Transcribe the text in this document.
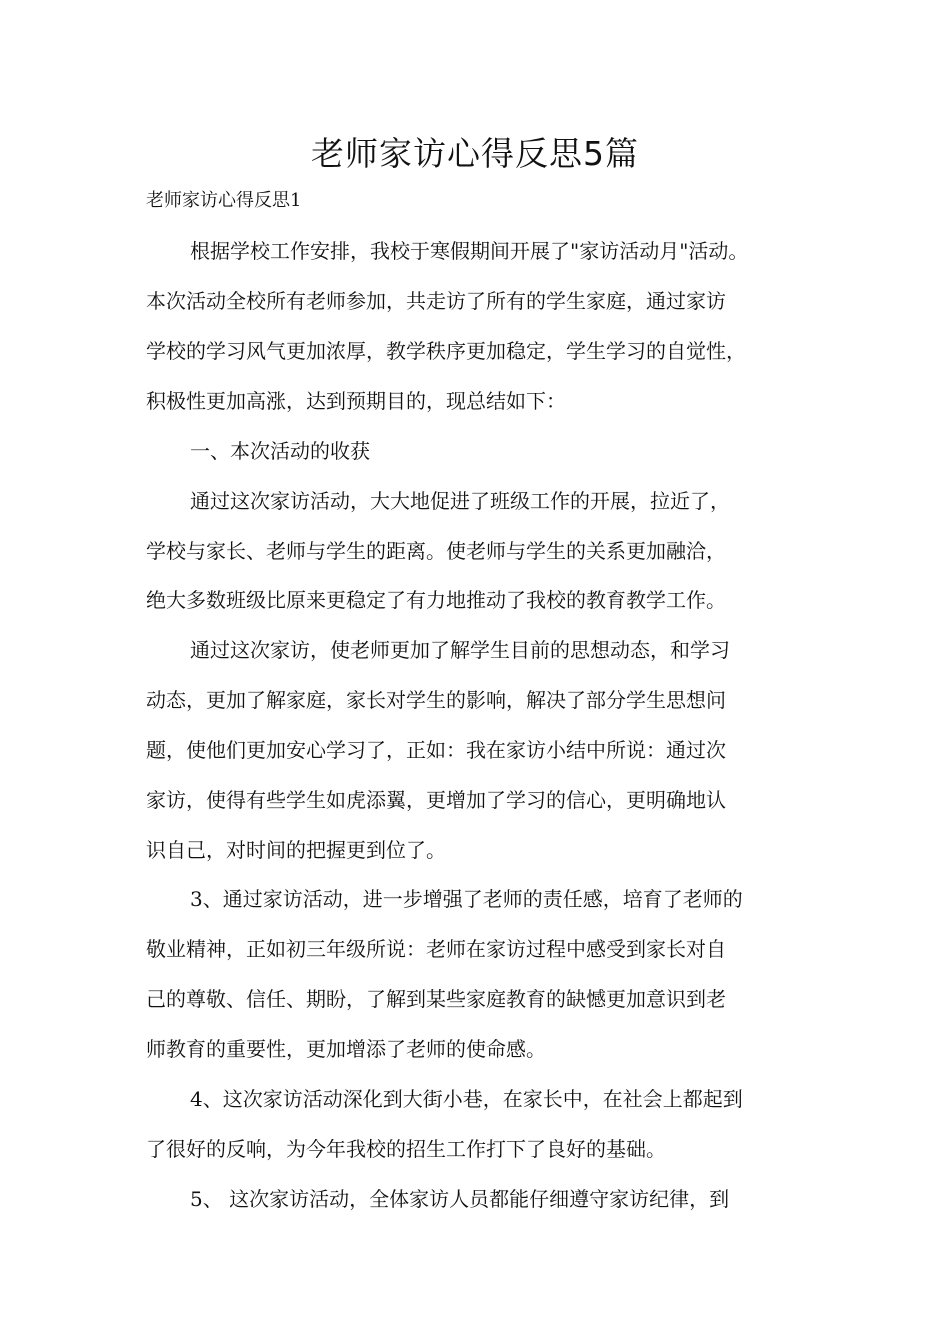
老师家访心得反思5篇
老师家访心得反思1
根据学校工作安排，我校于寒假期间开展了"家访活动月"活动。
本次活动全校所有老师参加，共走访了所有的学生家庭，通过家访
学校的学习风气更加浓厚，教学秩序更加稳定，学生学习的自觉性，
积极性更加高涨，达到预期目的，现总结如下：
一、本次活动的收获
通过这次家访活动，大大地促进了班级工作的开展，拉近了，
学校与家长、老师与学生的距离。使老师与学生的关系更加融洽，
绝大多数班级比原来更稳定了有力地推动了我校的教育教学工作。
通过这次家访，使老师更加了解学生目前的思想动态，和学习
动态，更加了解家庭，家长对学生的影响，解决了部分学生思想问
题，使他们更加安心学习了，正如：我在家访小结中所说：通过次
家访，使得有些学生如虎添翼，更增加了学习的信心，更明确地认
识自己，对时间的把握更到位了。
3、通过家访活动，进一步增强了老师的责任感，培育了老师的
敬业精神，正如初三年级所说：老师在家访过程中感受到家长对自
己的尊敬、信任、期盼，了解到某些家庭教育的缺憾更加意识到老
师教育的重要性，更加增添了老师的使命感。
4、这次家访活动深化到大街小巷，在家长中，在社会上都起到
了很好的反响，为今年我校的招生工作打下了良好的基础。
5、 这次家访活动，全体家访人员都能仔细遵守家访纪律，到
